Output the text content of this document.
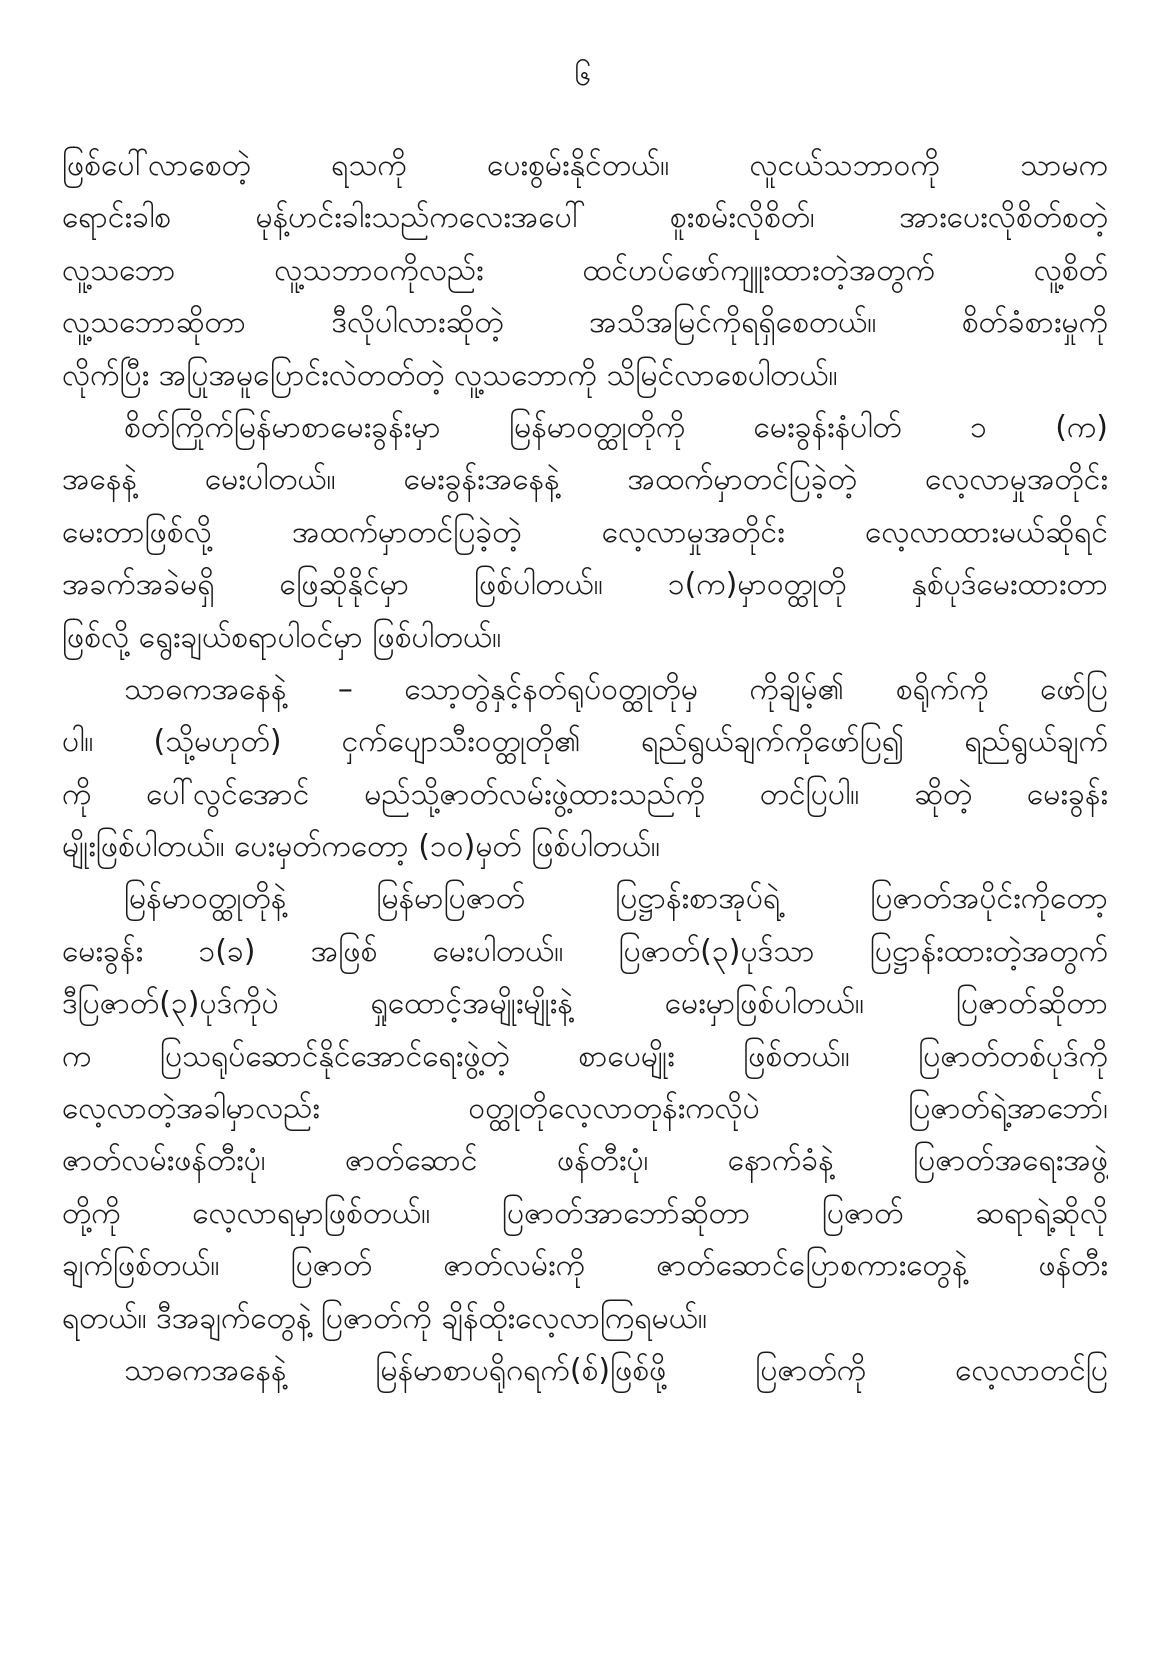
၆
ဖြစ်ပေါ်လာစေတဲ့ ရသကို ပေးစွမ်းနိုင်တယ်။ လူငယ်သဘာဝကို သာမက
ရောင်းခါစ မုန့်ဟင်းခါးသည်ကလေးအပေါ် စူးစမ်းလိုစိတ်၊ အားပေးလိုစိတ်စတဲ့
လူ့သဘော လူ့သဘာဝကိုလည်း ထင်ဟပ်ဖော်ကျူးထားတဲ့အတွက် လူ့စိတ်
လူ့သဘောဆိုတာ ဒီလိုပါလားဆိုတဲ့ အသိအမြင်ကိုရရှိစေတယ်။ စိတ်ခံစားမှုကို
လိုက်ပြီး အပြုအမူပြောင်းလဲတတ်တဲ့ လူ့သဘောကို သိမြင်လာစေပါတယ်။
စိတ်ကြိုက်မြန်မာစာမေးခွန်းမှာ မြန်မာဝတ္ထုတိုကို မေးခွန်းနံပါတ် ၁ (က)
အနေနဲ့ မေးပါတယ်။ မေးခွန်းအနေနဲ့ အထက်မှာတင်ပြခဲ့တဲ့ လေ့လာမှုအတိုင်း
မေးတာဖြစ်လို့ အထက်မှာတင်ပြခဲ့တဲ့ လေ့လာမှုအတိုင်း လေ့လာထားမယ်ဆိုရင်
အခက်အခဲမရှိ ဖြေဆိုနိုင်မှာ ဖြစ်ပါတယ်။ ၁(က)မှာဝတ္ထုတို နှစ်ပုဒ်မေးထားတာ
ဖြစ်လို့ ရွေးချယ်စရာပါဝင်မှာ ဖြစ်ပါတယ်။
သာဓကအနေနဲ့ – သော့တွဲနှင့်နတ်ရုပ်ဝတ္ထုတိုမှ ကိုချိမ့်၏ စရိုက်ကို ဖော်ပြ
ပါ။ (သို့မဟုတ်) ငှက်ပျောသီးဝတ္ထုတို၏ ရည်ရွယ်ချက်ကိုဖော်ပြ၍ ရည်ရွယ်ချက်
ကို ပေါ်လွင်အောင် မည်သို့ဇာတ်လမ်းဖွဲ့ထားသည်ကို တင်ပြပါ။ ဆိုတဲ့ မေးခွန်း
မျိုးဖြစ်ပါတယ်။ ပေးမှတ်ကတော့ (၁၀)မှတ် ဖြစ်ပါတယ်။
မြန်မာဝတ္ထုတိုနဲ့ မြန်မာပြဇာတ် ပြဋ္ဌာန်းစာအုပ်ရဲ့ ပြဇာတ်အပိုင်းကိုတော့
မေးခွန်း ၁(ခ) အဖြစ် မေးပါတယ်။ ပြဇာတ်(၃)ပုဒ်သာ ပြဋ္ဌာန်းထားတဲ့အတွက်
ဒီပြဇာတ်(၃)ပုဒ်ကိုပဲ ရှုထောင့်အမျိုးမျိုးနဲ့ မေးမှာဖြစ်ပါတယ်။ ပြဇာတ်ဆိုတာ
က ပြသရုပ်ဆောင်နိုင်အောင်ရေးဖွဲ့တဲ့ စာပေမျိုး ဖြစ်တယ်။ ပြဇာတ်တစ်ပုဒ်ကို
လေ့လာတဲ့အခါမှာလည်း ဝတ္ထုတိုလေ့လာတုန်းကလိုပဲ ပြဇာတ်ရဲ့အာဘော်၊
ဇာတ်လမ်းဖန်တီးပုံ၊ ဇာတ်ဆောင် ဖန်တီးပုံ၊ နောက်ခံနဲ့ ပြဇာတ်အရေးအဖွဲ့
တို့ကို လေ့လာရမှာဖြစ်တယ်။ ပြဇာတ်အာဘော်ဆိုတာ ပြဇာတ် ဆရာရဲ့ဆိုလို
ချက်ဖြစ်တယ်။ ပြဇာတ် ဇာတ်လမ်းကို ဇာတ်ဆောင်ပြောစကားတွေနဲ့ ဖန်တီး
ရတယ်။ ဒီအချက်တွေနဲ့ ပြဇာတ်ကို ချိန်ထိုးလေ့လာကြရမယ်။
သာဓကအနေနဲ့ မြန်မာစာပရိုဂရက်(စ်)ဖြစ်ဖို့ ပြဇာတ်ကို လေ့လာတင်ပြ
